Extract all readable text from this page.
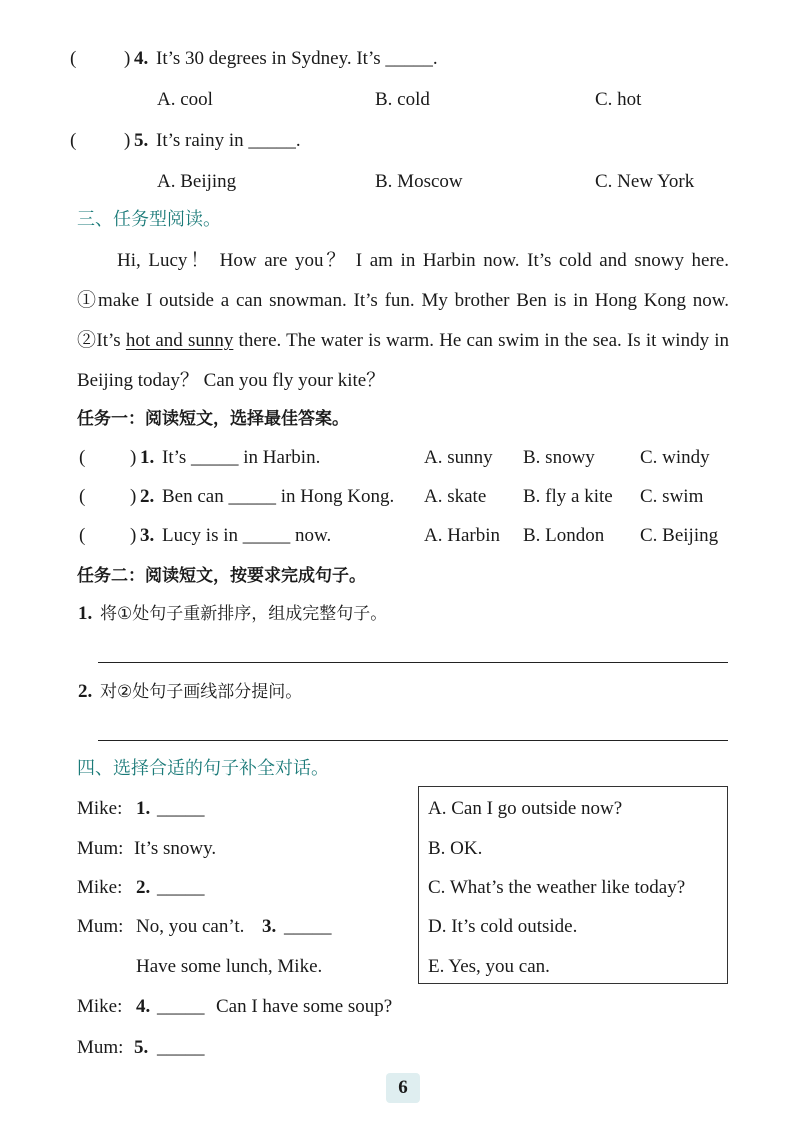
(	) 4. It’s 30 degrees in Sydney. It’s _____.
A. cool	B. cold	C. hot
(	) 5. It’s rainy in _____.
A. Beijing	B. Moscow	C. New York
三、任务型阅读。
Hi, Lucy！ How are you？ I am in Harbin now. It’s cold and snowy here. ①make I outside a can snowman. It’s fun. My brother Ben is in Hong Kong now. ②It’s hot and sunny there. The water is warm. He can swim in the sea. Is it windy in Beijing today？ Can you fly your kite？
任务一：阅读短文，选择最佳答案。
( ) 1. It’s _____ in Harbin.	A. sunny B. snowy C. windy
( ) 2. Ben can _____ in Hong Kong. A. skate B. fly a kite C. swim
( ) 3. Lucy is in _____ now.	A. Harbin B. London C. Beijing
任务二：阅读短文，按要求完成句子。
1. 将①处句子重新排序，组成完整句子。
2. 对②处句子画线部分提问。
四、选择合适的句子补全对话。
Mike: 1. _____
Mum: It’s snowy.
Mike: 2. _____
Mum: No, you can’t. 3. _____
Have some lunch, Mike.
Mike: 4. _____ Can I have some soup?
Mum: 5. _____
A. Can I go outside now?
B. OK.
C. What’s the weather like today?
D. It’s cold outside.
E. Yes, you can.
6
